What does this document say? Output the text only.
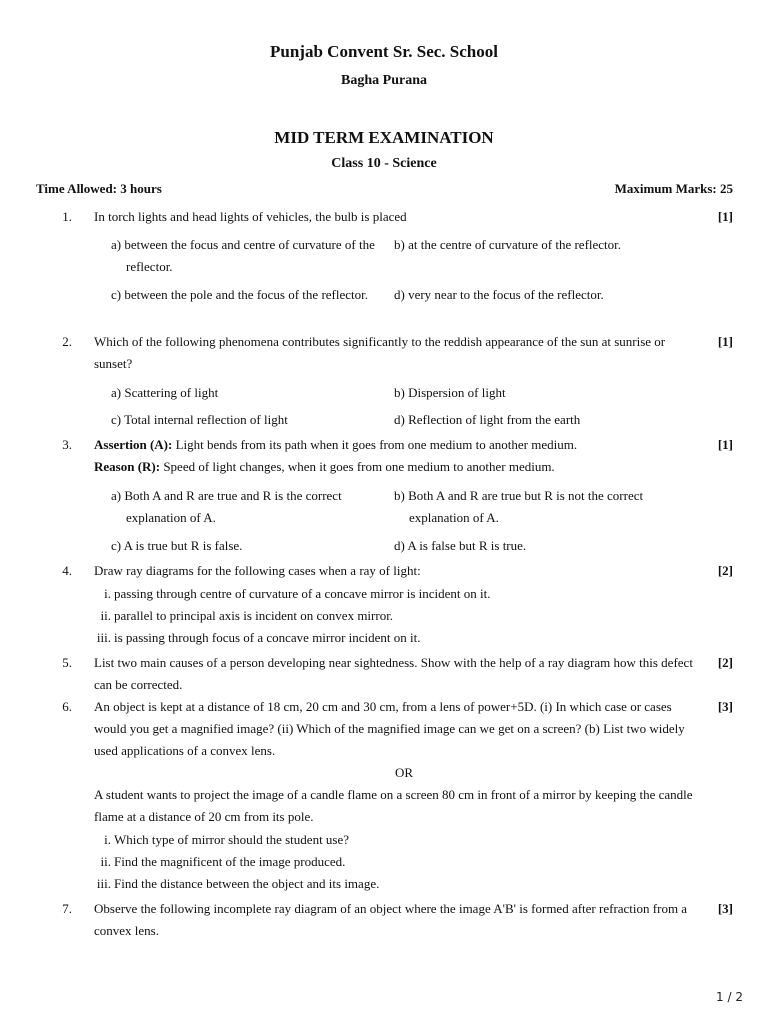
Punjab Convent Sr. Sec. School
Bagha Purana
MID TERM EXAMINATION
Class 10 - Science
Time Allowed: 3 hours	Maximum Marks: 25
1. In torch lights and head lights of vehicles, the bulb is placed	[1]
a) between the focus and centre of curvature of the reflector.
b) at the centre of curvature of the reflector.
c) between the pole and the focus of the reflector.	d) very near to the focus of the reflector.
2. Which of the following phenomena contributes significantly to the reddish appearance of the sun at sunrise or sunset?
[1]
a) Scattering of light	b) Dispersion of light
c) Total internal reflection of light	d) Reflection of light from the earth
3. Assertion (A): Light bends from its path when it goes from one medium to another medium.	[1]
Reason (R): Speed of light changes, when it goes from one medium to another medium.
a) Both A and R are true and R is the correct explanation of A.
b) Both A and R are true but R is not the correct explanation of A.
c) A is true but R is false.	d) A is false but R is true.
4. Draw ray diagrams for the following cases when a ray of light:	[2]
i. passing through centre of curvature of a concave mirror is incident on it.
ii. parallel to principal axis is incident on convex mirror.
iii. is passing through focus of a concave mirror incident on it.
5. List two main causes of a person developing near sightedness. Show with the help of a ray diagram how this defect can be corrected.
[2]
6. An object is kept at a distance of 18 cm, 20 cm and 30 cm, from a lens of power+5D. (i) In which case or cases would you get a magnified image? (ii) Which of the magnified image can we get on a screen? (b) List two widely used applications of a convex lens.
[3]
OR
A student wants to project the image of a candle flame on a screen 80 cm in front of a mirror by keeping the candle flame at a distance of 20 cm from its pole.
i. Which type of mirror should the student use?
ii. Find the magnificent of the image produced.
iii. Find the distance between the object and its image.
7. Observe the following incomplete ray diagram of an object where the image A'B' is formed after refraction from a convex lens.
[3]
1 / 2
